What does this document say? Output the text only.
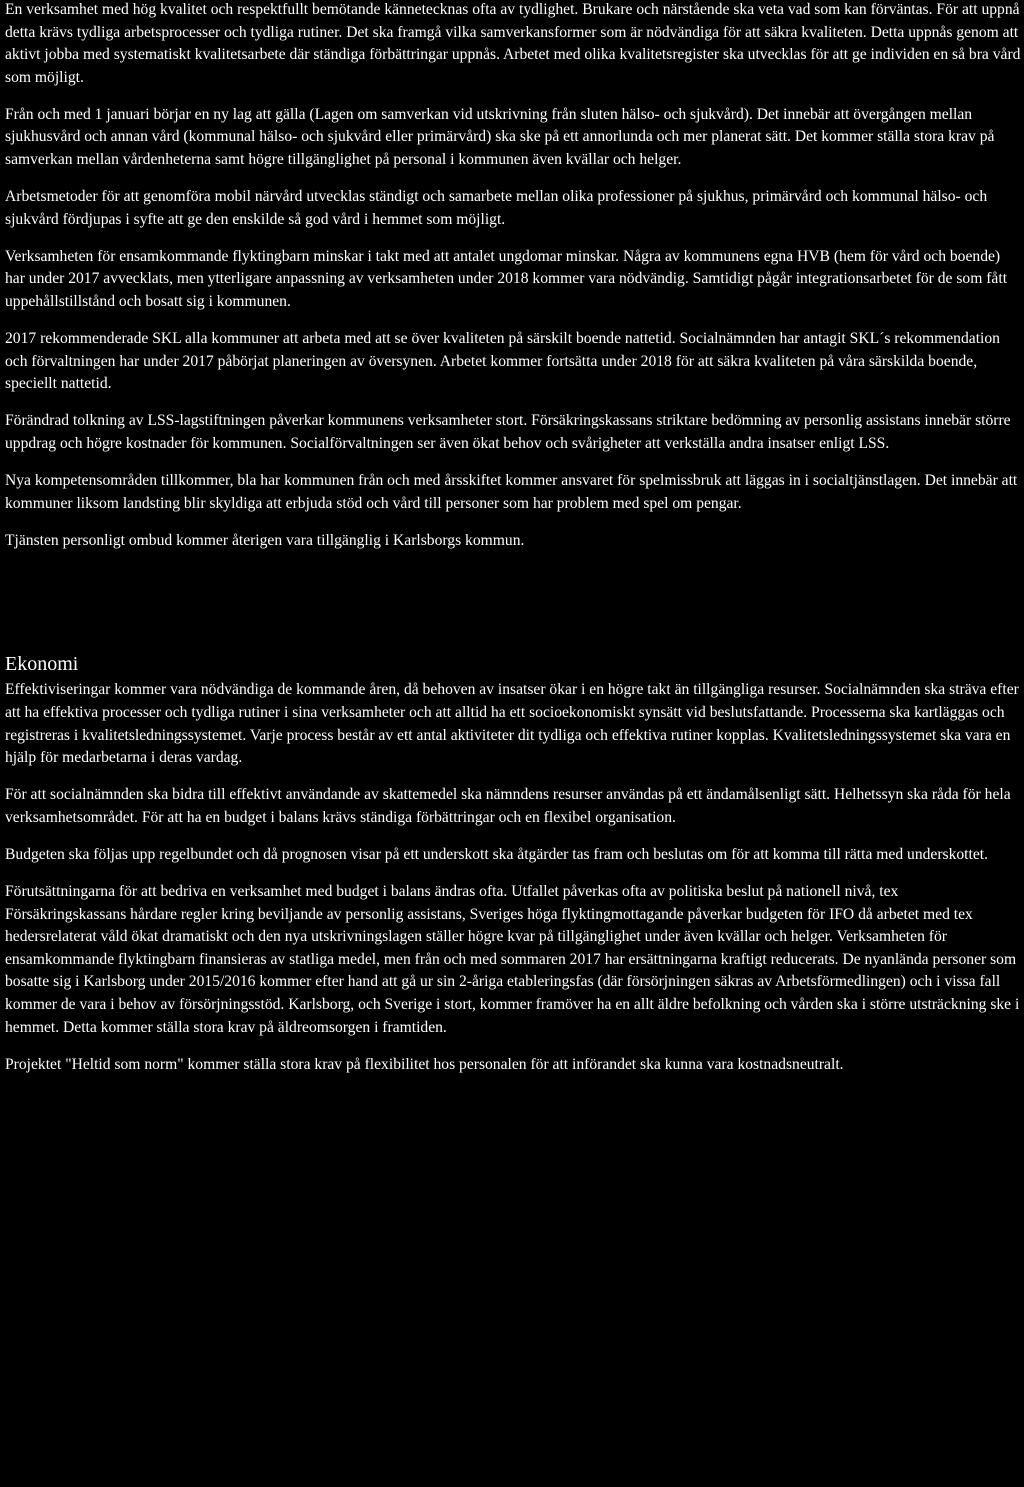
En verksamhet med hög kvalitet och respektfullt bemötande kännetecknas ofta av tydlighet. Brukare och närstående ska veta vad som kan förväntas. För att uppnå detta krävs tydliga arbetsprocesser och tydliga rutiner. Det ska framgå vilka samverkansformer som är nödvändiga för att säkra kvaliteten. Detta uppnås genom att aktivt jobba med systematiskt kvalitetsarbete där ständiga förbättringar uppnås. Arbetet med olika kvalitetsregister ska utvecklas för att ge individen en så bra vård som möjligt.

Från och med 1 januari börjar en ny lag att gälla (Lagen om samverkan vid utskrivning från sluten hälso- och sjukvård). Det innebär att övergången mellan sjukhusvård och annan vård (kommunal hälso- och sjukvård eller primärvård) ska ske på ett annorlunda och mer planerat sätt. Det kommer ställa stora krav på samverkan mellan vårdenheterna samt högre tillgänglighet på personal i kommunen även kvällar och helger.

Arbetsmetoder för att genomföra mobil närvård utvecklas ständigt och samarbete mellan olika professioner på sjukhus, primärvård och kommunal hälso- och sjukvård fördjupas i syfte att ge den enskilde så god vård i hemmet som möjligt.

Verksamheten för ensamkommande flyktingbarn minskar i takt med att antalet ungdomar minskar. Några av kommunens egna HVB (hem för vård och boende) har under 2017 avvecklats, men ytterligare anpassning av verksamheten under 2018 kommer vara nödvändig. Samtidigt pågår integrationsarbetet för de som fått uppehållstillstånd och bosatt sig i kommunen.

2017 rekommenderade SKL alla kommuner att arbeta med att se över kvaliteten på särskilt boende nattetid. Socialnämnden har antagit SKL´s rekommendation och förvaltningen har under 2017 påbörjat planeringen av översynen. Arbetet kommer fortsätta under 2018 för att säkra kvaliteten på våra särskilda boende, speciellt nattetid.

Förändrad tolkning av LSS-lagstiftningen påverkar kommunens verksamheter stort. Försäkringskassans striktare bedömning av personlig assistans innebär större uppdrag och högre kostnader för kommunen. Socialförvaltningen ser även ökat behov och svårigheter att verkställa andra insatser enligt LSS.

Nya kompetensområden tillkommer, bla har kommunen från och med årsskiftet kommer ansvaret för spelmissbruk att läggas in i socialtjänstlagen. Det innebär att kommuner liksom landsting blir skyldiga att erbjuda stöd och vård till personer som har problem med spel om pengar.

Tjänsten personligt ombud kommer återigen vara tillgänglig i Karlsborgs kommun.

Ekonomi

Effektiviseringar kommer vara nödvändiga de kommande åren, då behoven av insatser ökar i en högre takt än tillgängliga resurser. Socialnämnden ska sträva efter att ha effektiva processer och tydliga rutiner i sina verksamheter och att alltid ha ett socioekonomiskt synsätt vid beslutsfattande. Processerna ska kartläggas och registreras i kvalitetsledningssystemet. Varje process består av ett antal aktiviteter dit tydliga och effektiva rutiner kopplas. Kvalitetsledningssystemet ska vara en hjälp för medarbetarna i deras vardag.

För att socialnämnden ska bidra till effektivt användande av skattemedel ska nämndens resurser användas på ett ändamålsenligt sätt. Helhetssyn ska råda för hela verksamhetsområdet. För att ha en budget i balans krävs ständiga förbättringar och en flexibel organisation.

Budgeten ska följas upp regelbundet och då prognosen visar på ett underskott ska åtgärder tas fram och beslutas om för att komma till rätta med underskottet.

Förutsättningarna för att bedriva en verksamhet med budget i balans ändras ofta. Utfallet påverkas ofta av politiska beslut på nationell nivå, tex Försäkringskassans hårdare regler kring beviljande av personlig assistans, Sveriges höga flyktingmottagande påverkar budgeten för IFO då arbetet med tex hedersrelaterat våld ökat dramatiskt och den nya utskrivningslagen ställer högre kvar på tillgänglighet under även kvällar och helger. Verksamheten för ensamkommande flyktingbarn finansieras av statliga medel, men från och med sommaren 2017 har ersättningarna kraftigt reducerats. De nyanlända personer som bosatte sig i Karlsborg under 2015/2016 kommer efter hand att gå ur sin 2-åriga etableringsfas (där försörjningen säkras av Arbetsförmedlingen) och i vissa fall kommer de vara i behov av försörjningsstöd. Karlsborg, och Sverige i stort, kommer framöver ha en allt äldre befolkning och vården ska i större utsträckning ske i hemmet. Detta kommer ställa stora krav på äldreomsorgen i framtiden.

Projektet "Heltid som norm" kommer ställa stora krav på flexibilitet hos personalen för att införandet ska kunna vara kostnadsneutralt.
